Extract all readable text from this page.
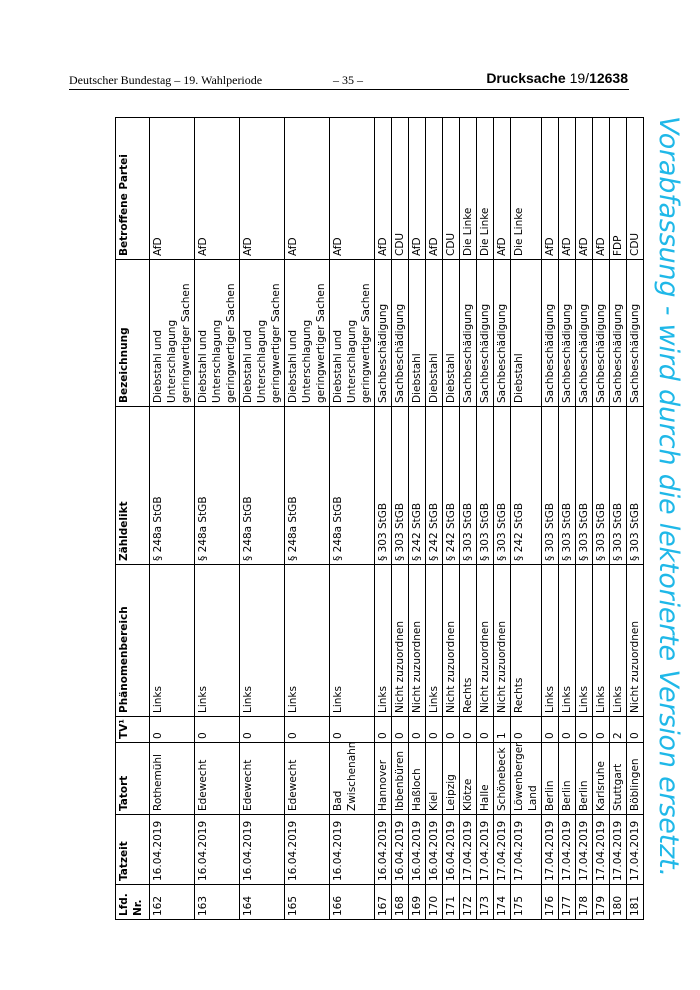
Deutscher Bundestag – 19. Wahlperiode	– 35 –	Drucksache 19/12638
Lfd. Nr.	Tatzeit	Tatort	TV¹	Phänomenbereich	Zähldelikt	Bezeichnung	Betroffene Partei
162	16.04.2019	Rothemühl	0	Links	§ 248a StGB	Diebstahl und Unterschlagung geringwertiger Sachen	AfD
163	16.04.2019	Edewecht	0	Links	§ 248a StGB	Diebstahl und Unterschlagung geringwertiger Sachen	AfD
164	16.04.2019	Edewecht	0	Links	§ 248a StGB	Diebstahl und Unterschlagung geringwertiger Sachen	AfD
165	16.04.2019	Edewecht	0	Links	§ 248a StGB	Diebstahl und Unterschlagung geringwertiger Sachen	AfD
166	16.04.2019	Bad Zwischenahn	0	Links	§ 248a StGB	Diebstahl und Unterschlagung geringwertiger Sachen	AfD
167	16.04.2019	Hannover	0	Links	§ 303 StGB	Sachbeschädigung	AfD
168	16.04.2019	Ibbenbüren	0	Nicht zuzuordnen	§ 303 StGB	Sachbeschädigung	CDU
169	16.04.2019	Haßloch	0	Nicht zuzuordnen	§ 242 StGB	Diebstahl	AfD
170	16.04.2019	Kiel	0	Links	§ 242 StGB	Diebstahl	AfD
171	16.04.2019	Leipzig	0	Nicht zuzuordnen	§ 242 StGB	Diebstahl	CDU
172	17.04.2019	Klötze	0	Rechts	§ 303 StGB	Sachbeschädigung	Die Linke
173	17.04.2019	Halle	0	Nicht zuzuordnen	§ 303 StGB	Sachbeschädigung	Die Linke
174	17.04.2019	Schönebeck	1	Nicht zuzuordnen	§ 303 StGB	Sachbeschädigung	AfD
175	17.04.2019	Löwenberger Land	0	Rechts	§ 242 StGB	Diebstahl	Die Linke
176	17.04.2019	Berlin	0	Links	§ 303 StGB	Sachbeschädigung	AfD
177	17.04.2019	Berlin	0	Links	§ 303 StGB	Sachbeschädigung	AfD
178	17.04.2019	Berlin	0	Links	§ 303 StGB	Sachbeschädigung	AfD
179	17.04.2019	Karlsruhe	0	Links	§ 303 StGB	Sachbeschädigung	AfD
180	17.04.2019	Stuttgart	2	Links	§ 303 StGB	Sachbeschädigung	FDP
181	17.04.2019	Böblingen	0	Nicht zuzuordnen	§ 303 StGB	Sachbeschädigung	CDU Vorabfassung - wird durch die lektorierte Version ersetzt.
